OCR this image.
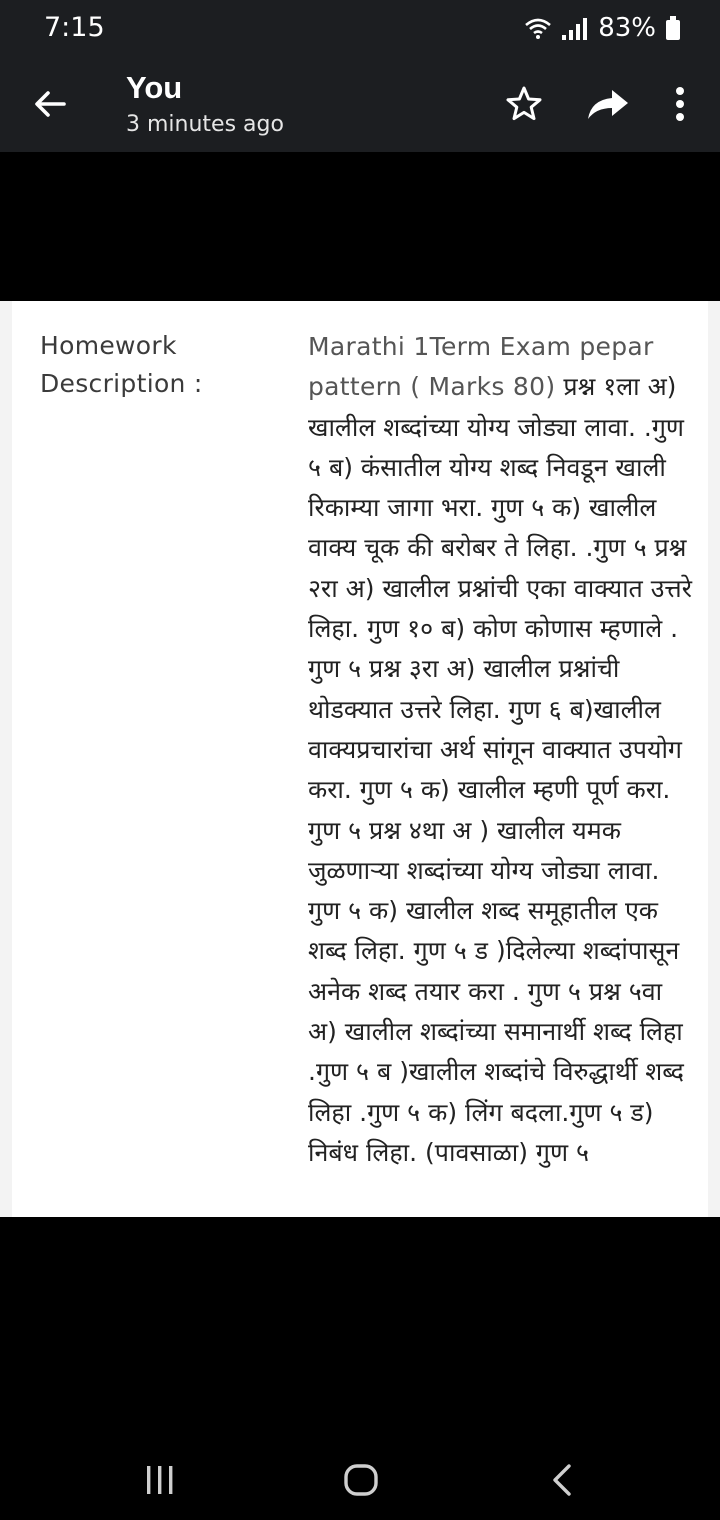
7:15	83%
You
3 minutes ago
Homework Description :
Marathi 1Term Exam pepar pattern ( Marks 80) प्रश्न १ला अ) खालील शब्दांच्या योग्य जोड्या लावा. .गुण ५ ब) कंसातील योग्य शब्द निवडून खाली रिकाम्या जागा भरा. गुण ५ क) खालील वाक्य चूक की बरोबर ते लिहा. .गुण ५ प्रश्न २रा अ) खालील प्रश्नांची एका वाक्यात उत्तरे लिहा. गुण १० ब) कोण कोणास म्हणाले . गुण ५ प्रश्न ३रा अ) खालील प्रश्नांची थोडक्यात उत्तरे लिहा. गुण ६ ब)खालील वाक्यप्रचारांचा अर्थ सांगून वाक्यात उपयोग करा. गुण ५ क) खालील म्हणी पूर्ण करा. गुण ५ प्रश्न ४था अ ) खालील यमक जुळणाऱ्या शब्दांच्या योग्य जोड्या लावा. गुण ५ क) खालील शब्द समूहातील एक शब्द लिहा. गुण ५ ड )दिलेल्या शब्दांपासून अनेक शब्द तयार करा . गुण ५ प्रश्न ५वा अ) खालील शब्दांच्या समानार्थी शब्द लिहा .गुण ५ ब )खालील शब्दांचे विरुद्धार्थी शब्द लिहा .गुण ५ क) लिंग बदला.गुण ५ ड) निबंध लिहा. (पावसाळा) गुण ५
